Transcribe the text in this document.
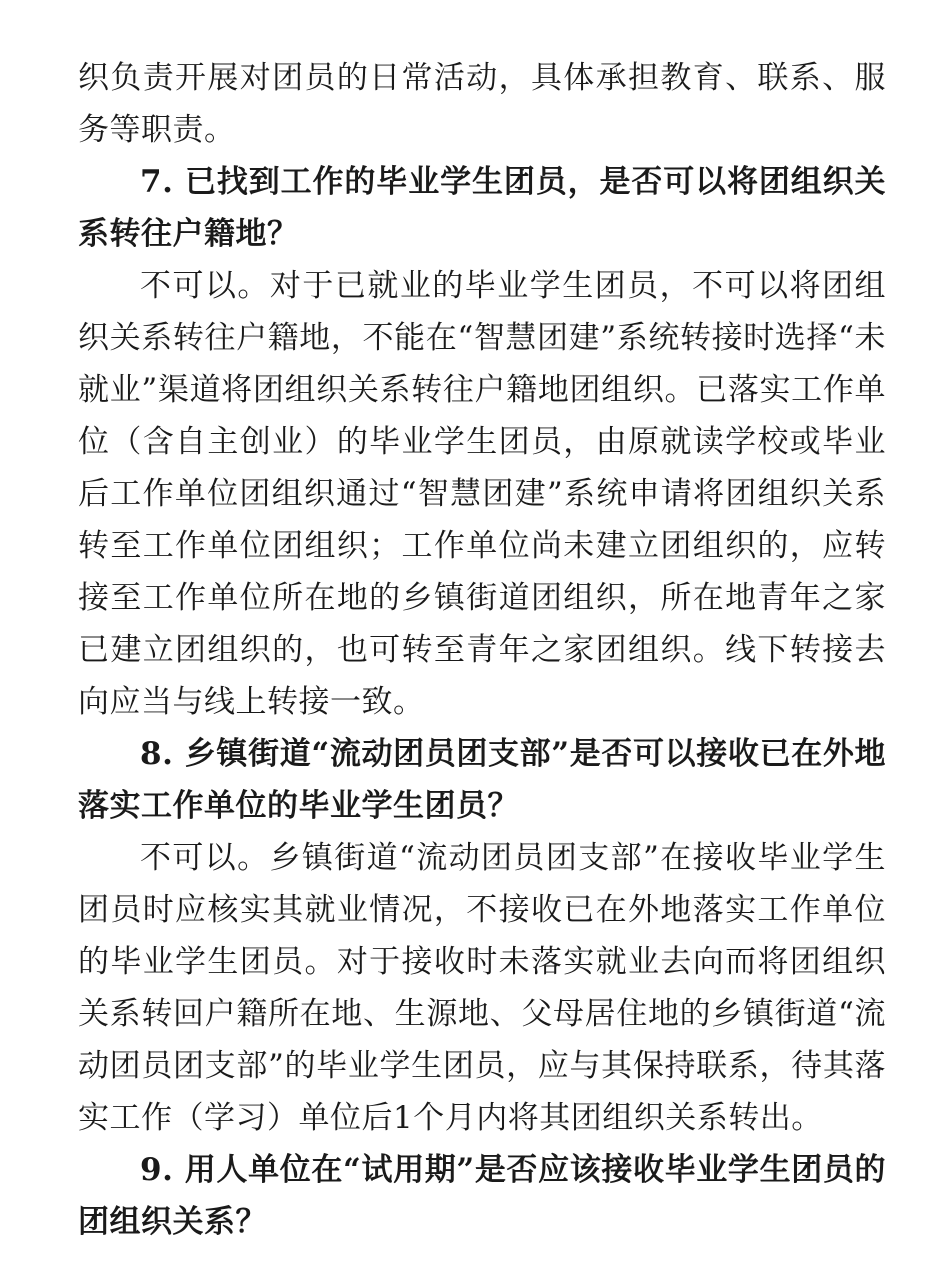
织负责开展对团员的日常活动，具体承担教育、联系、服务等职责。

7. 已找到工作的毕业学生团员，是否可以将团组织关系转往户籍地？

不可以。对于已就业的毕业学生团员，不可以将团组织关系转往户籍地，不能在“智慧团建”系统转接时选择“未就业”渠道将团组织关系转往户籍地团组织。已落实工作单位（含自主创业）的毕业学生团员，由原就读学校或毕业后工作单位团组织通过“智慧团建”系统申请将团组织关系转至工作单位团组织；工作单位尚未建立团组织的，应转接至工作单位所在地的乡镇街道团组织，所在地青年之家已建立团组织的，也可转至青年之家团组织。线下转接去向应当与线上转接一致。

8. 乡镇街道“流动团员团支部”是否可以接收已在外地落实工作单位的毕业学生团员？

不可以。乡镇街道“流动团员团支部”在接收毕业学生团员时应核实其就业情况，不接收已在外地落实工作单位的毕业学生团员。对于接收时未落实就业去向而将团组织关系转回户籍所在地、生源地、父母居住地的乡镇街道“流动团员团支部”的毕业学生团员，应与其保持联系，待其落实工作（学习）单位后1个月内将其团组织关系转出。

9. 用人单位在“试用期”是否应该接收毕业学生团员的团组织关系？
